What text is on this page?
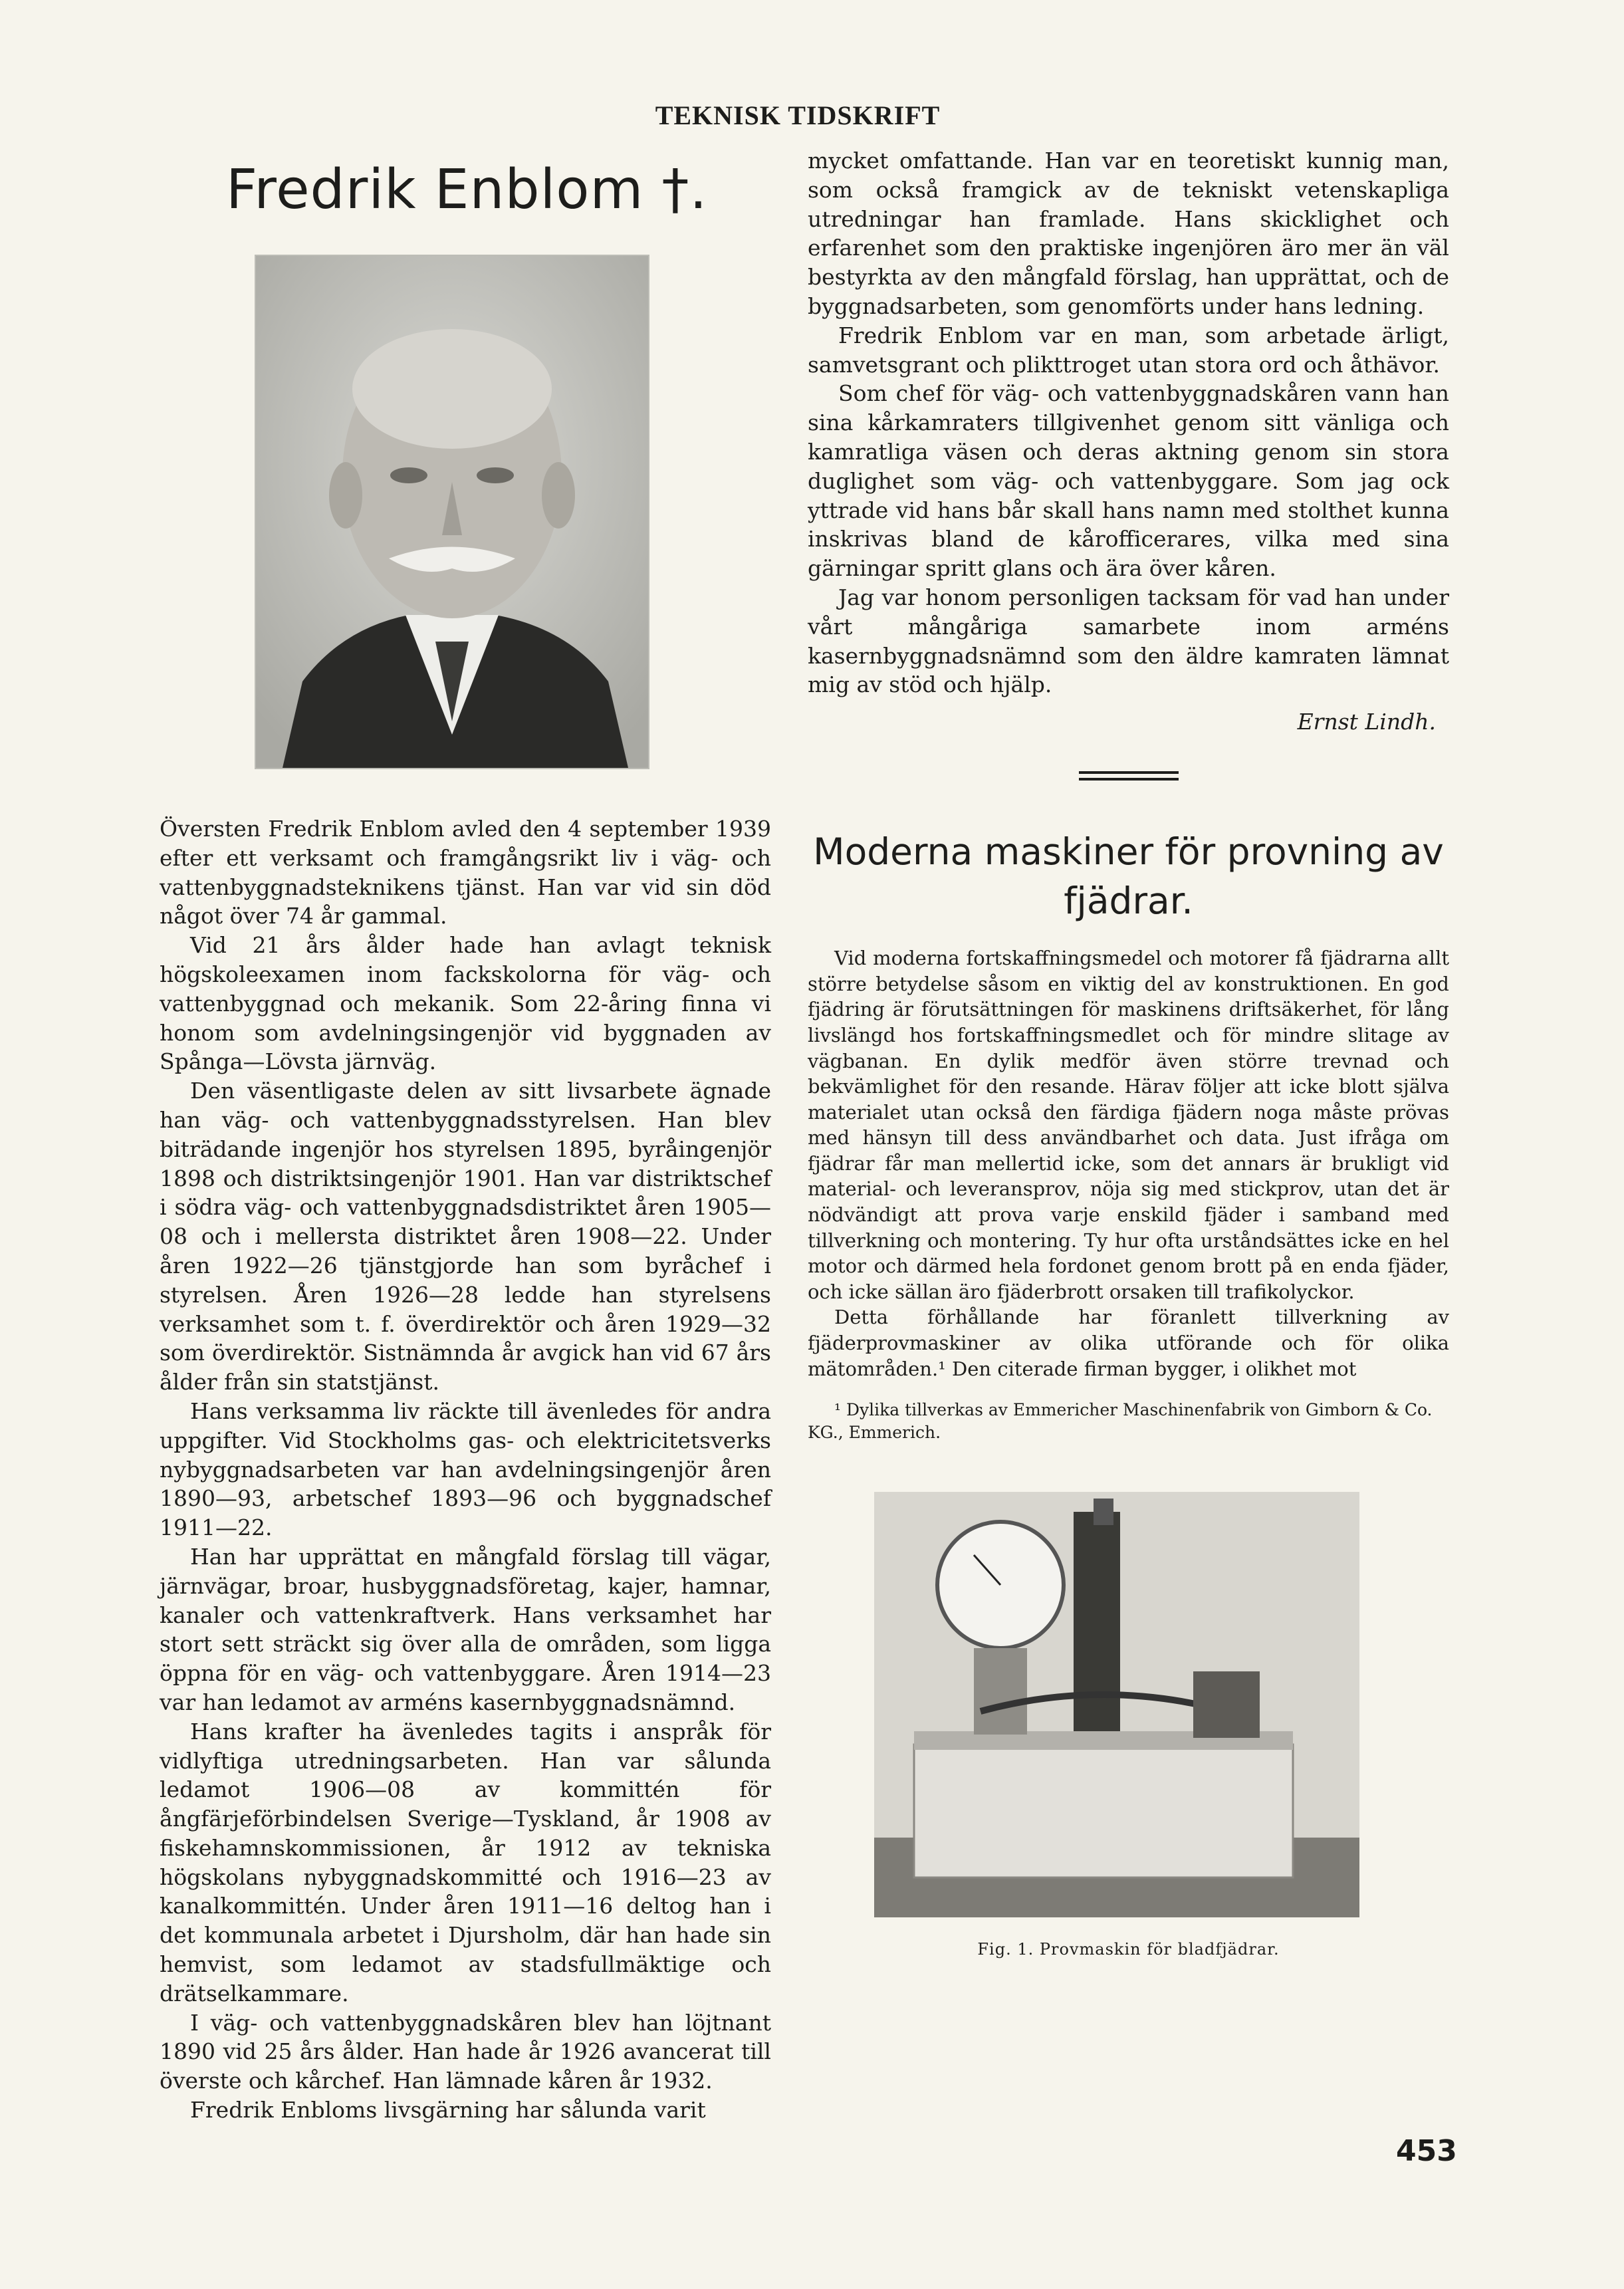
TEKNISK TIDSKRIFT
Fredrik Enblom †.

Översten Fredrik Enblom avled den 4 september 1939 efter ett verksamt och framgångsrikt liv i väg- och vattenbyggnadsteknikens tjänst. Han var vid sin död något över 74 år gammal.

Vid 21 års ålder hade han avlagt teknisk högskoleexamen inom fackskolorna för väg- och vattenbyggnad och mekanik. Som 22-åring finna vi honom som avdelningsingenjör vid byggnaden av Spånga—Lövsta järnväg.

Den väsentligaste delen av sitt livsarbete ägnade han väg- och vattenbyggnadsstyrelsen. Han blev biträdande ingenjör hos styrelsen 1895, byråingenjör 1898 och distriktsingenjör 1901. Han var distriktschef i södra väg- och vattenbyggnadsdistriktet åren 1905—08 och i mellersta distriktet åren 1908—22. Under åren 1922—26 tjänstgjorde han som byråchef i styrelsen. Åren 1926—28 ledde han styrelsens verksamhet som t. f. överdirektör och åren 1929—32 som överdirektör. Sistnämnda år avgick han vid 67 års ålder från sin statstjänst.

Hans verksamma liv räckte till ävenledes för andra uppgifter. Vid Stockholms gas- och elektricitetsverks nybyggnadsarbeten var han avdelningsingenjör åren 1890—93, arbetschef 1893—96 och byggnadschef 1911—22.

Han har upprättat en mångfald förslag till vägar, järnvägar, broar, husbyggnadsföretag, kajer, hamnar, kanaler och vattenkraftverk. Hans verksamhet har stort sett sträckt sig över alla de områden, som ligga öppna för en väg- och vattenbyggare. Åren 1914—23 var han ledamot av arméns kasernbyggnadsnämnd.

Hans krafter ha ävenledes tagits i anspråk för vidlyftiga utredningsarbeten. Han var sålunda ledamot 1906—08 av kommittén för ångfärjeförbindelsen Sverige—Tyskland, år 1908 av fiskehamnskommissionen, år 1912 av tekniska högskolans nybyggnadskommitté och 1916—23 av kanalkommittén. Under åren 1911—16 deltog han i det kommunala arbetet i Djursholm, där han hade sin hemvist, som ledamot av stadsfullmäktige och drätselkammare.

I väg- och vattenbyggnadskåren blev han löjtnant 1890 vid 25 års ålder. Han hade år 1926 avancerat till överste och kårchef. Han lämnade kåren år 1932.

Fredrik Enbloms livsgärning har sålunda varit

mycket omfattande. Han var en teoretiskt kunnig man, som också framgick av de tekniskt vetenskapliga utredningar han framlade. Hans skicklighet och erfarenhet som den praktiske ingenjören äro mer än väl bestyrkta av den mångfald förslag, han upprättat, och de byggnadsarbeten, som genomförts under hans ledning.

Fredrik Enblom var en man, som arbetade ärligt, samvetsgrant och plikttroget utan stora ord och åthävor.

Som chef för väg- och vattenbyggnadskåren vann han sina kårkamraters tillgivenhet genom sitt vänliga och kamratliga väsen och deras aktning genom sin stora duglighet som väg- och vattenbyggare. Som jag ock yttrade vid hans bår skall hans namn med stolthet kunna inskrivas bland de kårofficerares, vilka med sina gärningar spritt glans och ära över kåren.

Jag var honom personligen tacksam för vad han under vårt mångåriga samarbete inom arméns kasernbyggnadsnämnd som den äldre kamraten lämnat mig av stöd och hjälp.

Ernst Lindh.
Moderna maskiner för provning av fjädrar.

Vid moderna fortskaffningsmedel och motorer få fjädrarna allt större betydelse såsom en viktig del av konstruktionen. En god fjädring är förutsättningen för maskinens driftsäkerhet, för lång livslängd hos fortskaffningsmedlet och för mindre slitage av vägbanan. En dylik medför även större trevnad och bekvämlighet för den resande. Härav följer att icke blott själva materialet utan också den färdiga fjädern noga måste prövas med hänsyn till dess användbarhet och data. Just ifråga om fjädrar får man mellertid icke, som det annars är brukligt vid material- och leveransprov, nöja sig med stickprov, utan det är nödvändigt att prova varje enskild fjäder i samband med tillverkning och montering. Ty hur ofta urståndsättes icke en hel motor och därmed hela fordonet genom brott på en enda fjäder, och icke sällan äro fjäderbrott orsaken till trafikolyckor.

Detta förhållande har föranlett tillverkning av fjäderprovmaskiner av olika utförande och för olika mätområden.¹ Den citerade firman bygger, i olikhet mot

¹ Dylika tillverkas av Emmericher Maschinenfabrik von Gimborn & Co. KG., Emmerich.
Fig. 1. Provmaskin för bladfjädrar.
453
